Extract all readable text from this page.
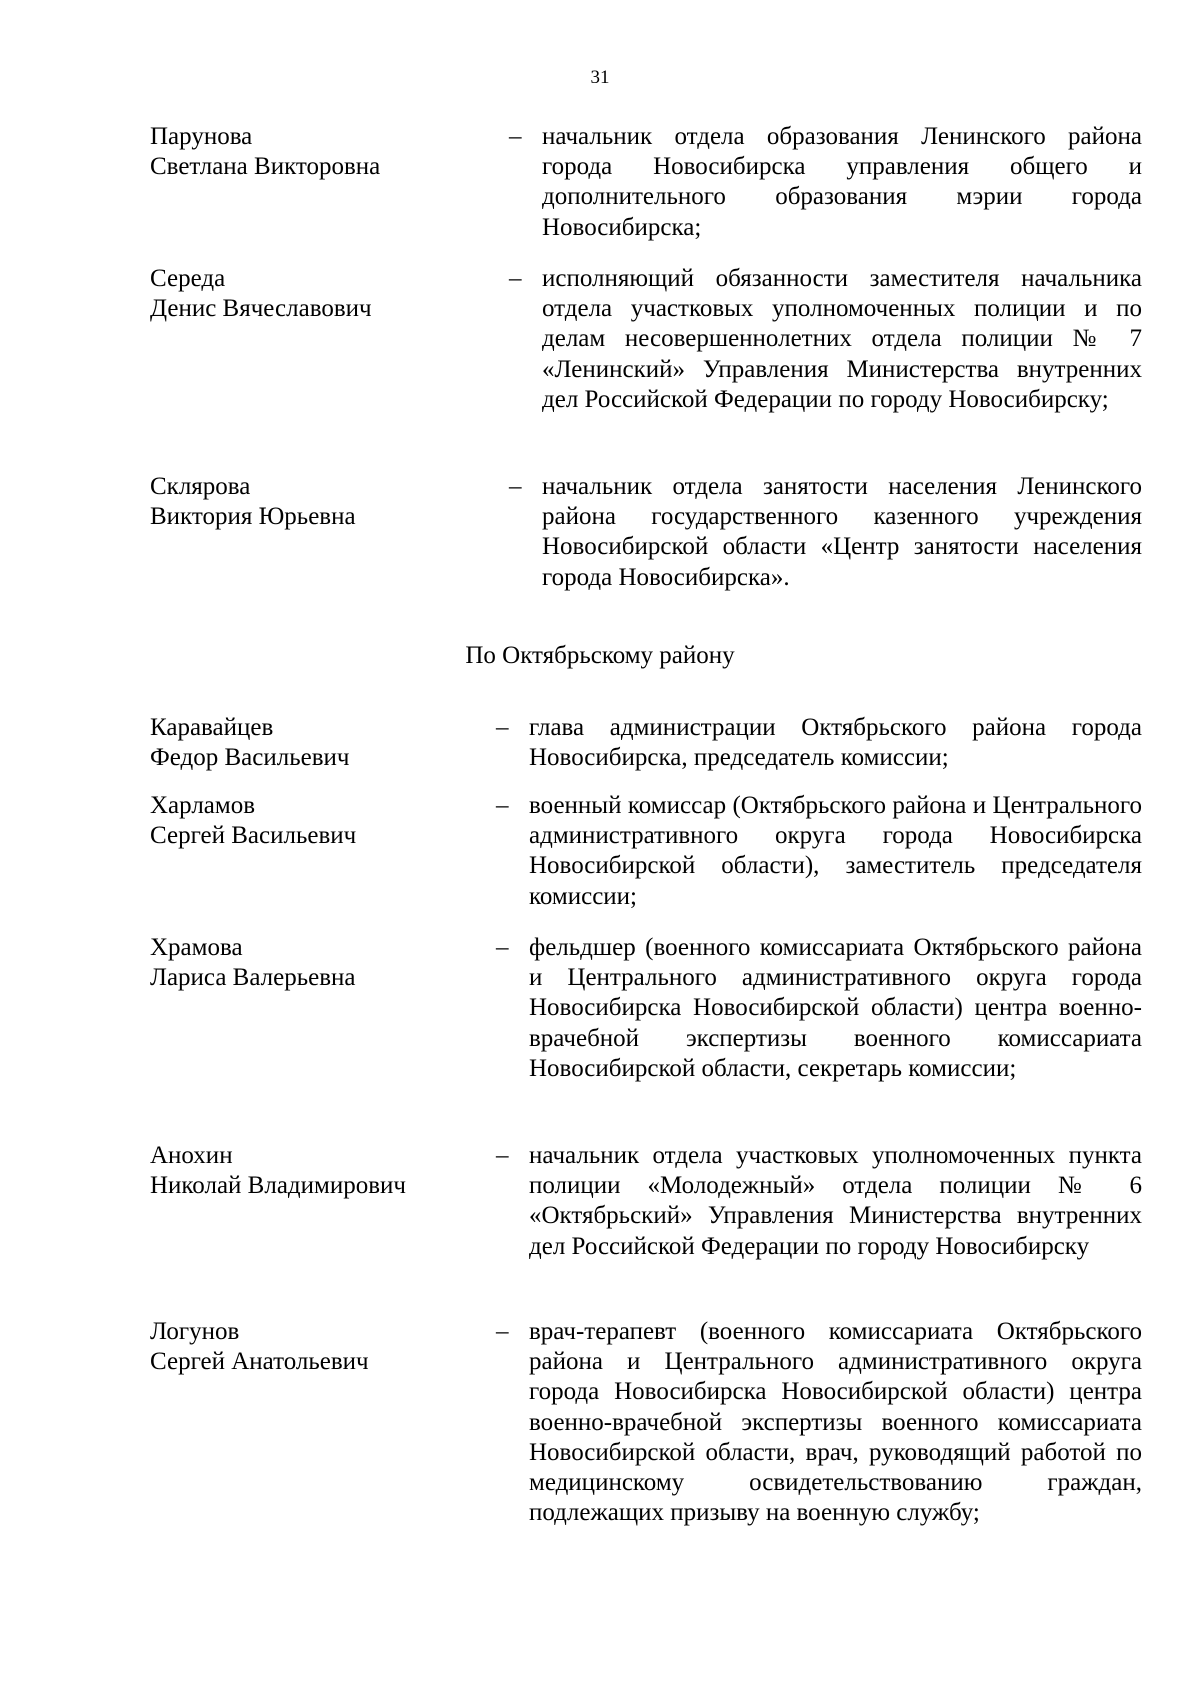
31
Парунова
Светлана Викторовна
– начальник отдела образования Ленинского района города Новосибирска управления общего и дополнительного образования мэрии города Новосибирска;
Середа
Денис Вячеславович
– исполняющий обязанности заместителя начальника отдела участковых уполномоченных полиции и по делам несовершеннолетних отдела полиции № 7 «Ленинский» Управления Министерства внутренних дел Российской Федерации по городу Новосибирску;
Склярова
Виктория Юрьевна
– начальник отдела занятости населения Ленинского района государственного казенного учреждения Новосибирской области «Центр занятости населения города Новосибирска».
По Октябрьскому району
Каравайцев
Федор Васильевич
– глава администрации Октябрьского района города Новосибирска, председатель комиссии;
Харламов
Сергей Васильевич
– военный комиссар (Октябрьского района и Центрального административного округа города Новосибирска Новосибирской области), заместитель председателя комиссии;
Храмова
Лариса Валерьевна
– фельдшер (военного комиссариата Октябрьского района и Центрального административного округа города Новосибирска Новосибирской области) центра военно-врачебной экспертизы военного комиссариата Новосибирской области, секретарь комиссии;
Анохин
Николай Владимирович
– начальник отдела участковых уполномоченных пункта полиции «Молодежный» отдела полиции № 6 «Октябрьский» Управления Министерства внутренних дел Российской Федерации по городу Новосибирску
Логунов
Сергей Анатольевич
– врач-терапевт (военного комиссариата Октябрьского района и Центрального административного округа города Новосибирска Новосибирской области) центра военно-врачебной экспертизы военного комиссариата Новосибирской области, врач, руководящий работой по медицинскому освидетельствованию граждан, подлежащих призыву на военную службу;
